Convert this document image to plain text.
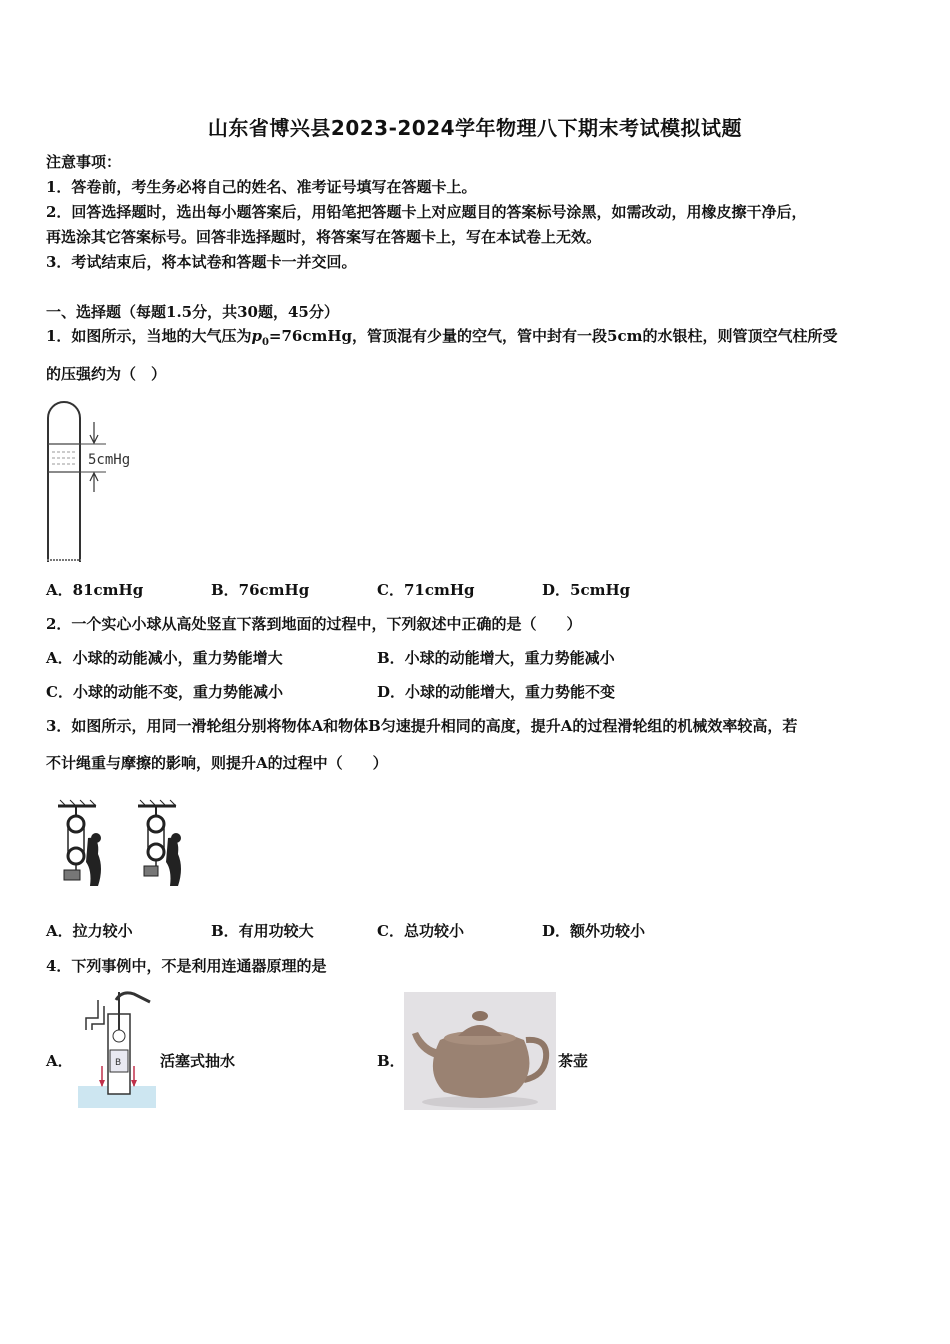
山东省博兴县2023-2024学年物理八下期末考试模拟试题
注意事项：
1．答卷前，考生务必将自己的姓名、准考证号填写在答题卡上。
2．回答选择题时，选出每小题答案后，用铅笔把答题卡上对应题目的答案标号涂黑，如需改动，用橡皮擦干净后，
再选涂其它答案标号。回答非选择题时，将答案写在答题卡上，写在本试卷上无效。
3．考试结束后，将本试卷和答题卡一并交回。
一、选择题（每题1.5分，共30题，45分）
1．如图所示，当地的大气压为$p_0=76cmHg$，管顶混有少量的空气，管中封有一段5cm的水银柱，则管顶空气柱所受
的压强约为（　）
5cmHg
A．81cmHg	B．76cmHg	C．71cmHg	D．5cmHg
2．一个实心小球从高处竖直下落到地面的过程中，下列叙述中正确的是（　　）
A．小球的动能减小，重力势能增大	B．小球的动能增大，重力势能减小
C．小球的动能不变，重力势能减小	D．小球的动能增大，重力势能不变
3．如图所示，用同一滑轮组分别将物体A和物体B匀速提升相同的高度，提升A的过程滑轮组的机械效率较高，若
不计绳重与摩擦的影响，则提升A的过程中（　　）
A．拉力较小	B．有用功较大	C．总功较小	D．额外功较小
4．下列事例中，不是利用连通器原理的是
A．	B	活塞式抽水	B．	茶壶
